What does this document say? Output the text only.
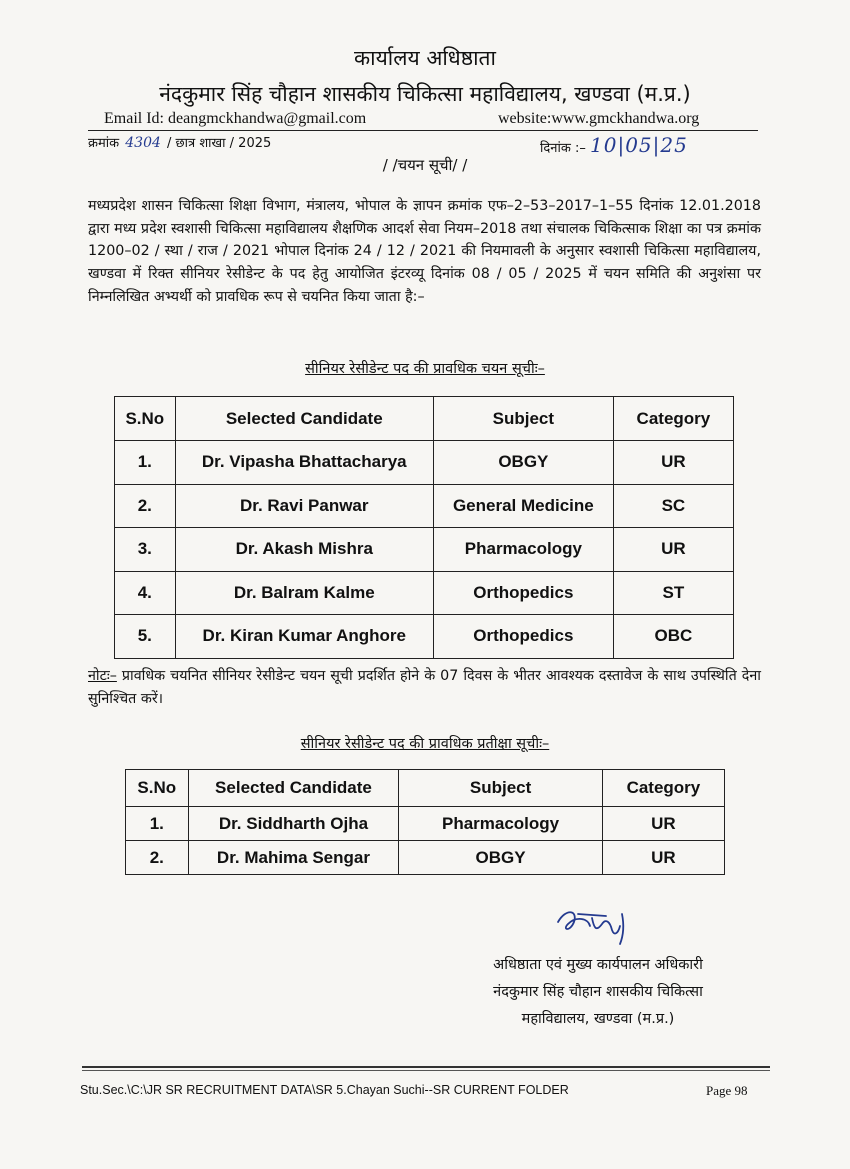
कार्यालय अधिष्ठाता
नंदकुमार सिंह चौहान शासकीय चिकित्सा महाविद्यालय, खण्डवा (म.प्र.)
Email Id: deangmckhandwa@gmail.com	website:www.gmckhandwa.org
क्रमांक 4304 / छात्र शाखा / 2025	दिनांक :– 10|05|25
/ /चयन सूची/ /
मध्यप्रदेश शासन चिकित्सा शिक्षा विभाग, मंत्रालय, भोपाल के ज्ञापन क्रमांक एफ–2–53–2017–1–55 दिनांक 12.01.2018 द्वारा मध्य प्रदेश स्वशासी चिकित्सा महाविद्यालय शैक्षणिक आदर्श सेवा नियम–2018 तथा संचालक चिकित्साक शिक्षा का पत्र क्रमांक 1200–02 / स्था / राज / 2021 भोपाल दिनांक 24 / 12 / 2021 की नियमावली के अनुसार स्वशासी चिकित्सा महाविद्यालय, खण्डवा में रिक्त सीनियर रेसीडेन्ट के पद हेतु आयोजित इंटरव्यू दिनांक 08 / 05 / 2025 में चयन समिति की अनुशंसा पर निम्नलिखित अभ्यर्थी को प्रावधिक रूप से चयनित किया जाता है:–
सीनियर रेसीडेन्ट पद की प्रावधिक चयन सूचीः–
S.No	Selected Candidate	Subject	Category
1.	Dr. Vipasha Bhattacharya	OBGY	UR
2.	Dr. Ravi Panwar	General Medicine	SC
3.	Dr. Akash Mishra	Pharmacology	UR
4.	Dr. Balram Kalme	Orthopedics	ST
5.	Dr. Kiran Kumar Anghore	Orthopedics	OBC
नोटः– प्रावधिक चयनित सीनियर रेसीडेन्ट चयन सूची प्रदर्शित होने के 07 दिवस के भीतर आवश्यक दस्तावेज के साथ उपस्थिति देना सुनिश्चित करें।
सीनियर रेसीडेन्ट पद की प्रावधिक प्रतीक्षा सूचीः–
S.No	Selected Candidate	Subject	Category
1.	Dr. Siddharth Ojha	Pharmacology	UR
2.	Dr. Mahima Sengar	OBGY	UR
अधिष्ठाता एवं मुख्य कार्यपालन अधिकारी
नंदकुमार सिंह चौहान शासकीय चिकित्सा
महाविद्यालय, खण्डवा (म.प्र.)
Stu.Sec.\C:\JR SR RECRUITMENT DATA\SR 5.Chayan Suchi--SR CURRENT FOLDER	Page 98
